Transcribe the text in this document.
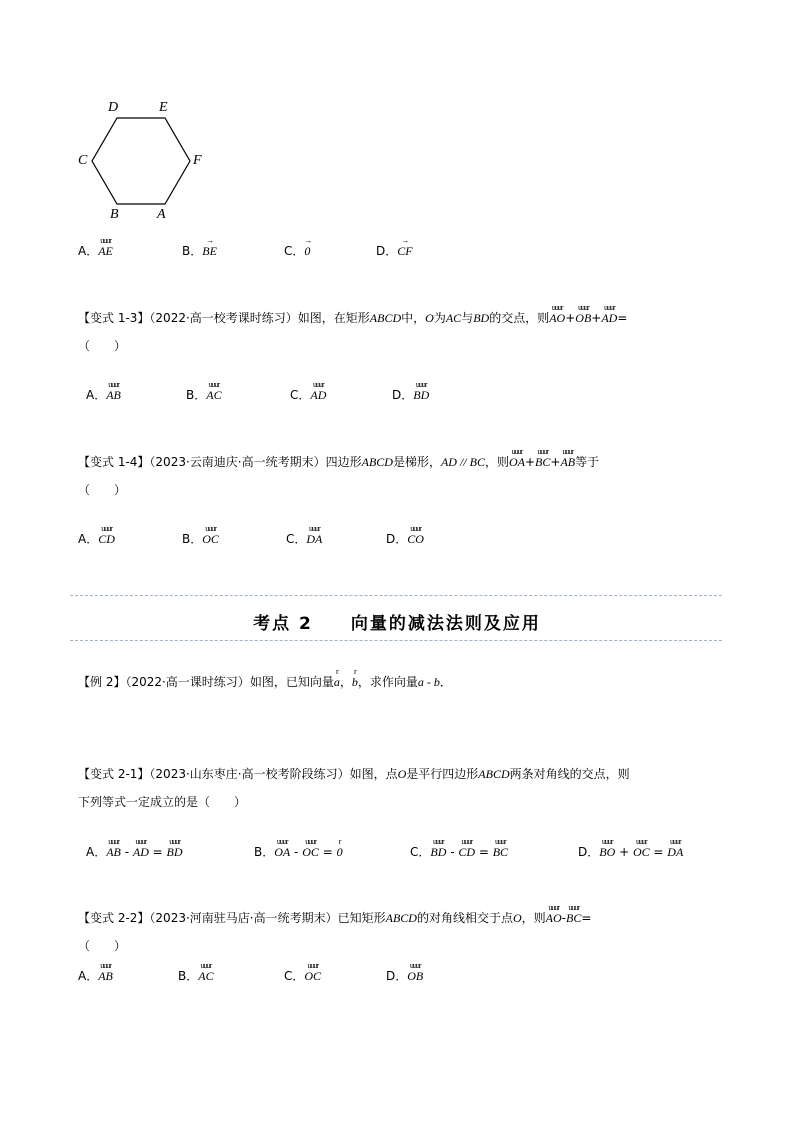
D	E
C	F
B	A
A．
uuur
AE	B．
→
BE	C．
→
0	D．
→
CF
【变式 1-3】（2022·高一校考课时练习）如图，在矩形ABCD中，O为AC与BD的交点，则
uuur
AO+
uuur
OB+
uuur
AD=
（　　）
A．
uuur
AB	B．
uuur
AC	C．
uuur
AD	D．
uuur
BD
【变式 1-4】（2023·云南迪庆·高一统考期末）四边形ABCD是梯形，AD // BC，则
uuur
OA+
uuur
BC+
uuur
AB等于
（　　）
A．
uuur
CD	B．
uuur
OC	C．
uuur
DA	D．
uuur
CO
考点 2　　向量的减法法则及应用
【例 2】（2022·高一课时练习）如图，已知向量
r
a，
r
b，求作向量a - b．
【变式 2-1】（2023·山东枣庄·高一校考阶段练习）如图，点O是平行四边形ABCD两条对角线的交点，则
下列等式一定成立的是（　　）
A．
uuur
AB -
uuur
AD =
uuur
BD	B．
uuur
OA -
uuur
OC =
r
0	C．
uuur
BD -
uuur
CD =
uuur
BC	D．
uuur
BO +
uuur
OC =
uuur
DA
【变式 2-2】（2023·河南驻马店·高一统考期末）已知矩形ABCD的对角线相交于点O，则
uuur
AO-
uuur
BC=
（　　）
A．
uuur
AB	B．
uuur
AC	C．
uuur
OC	D．
uuur
OB
